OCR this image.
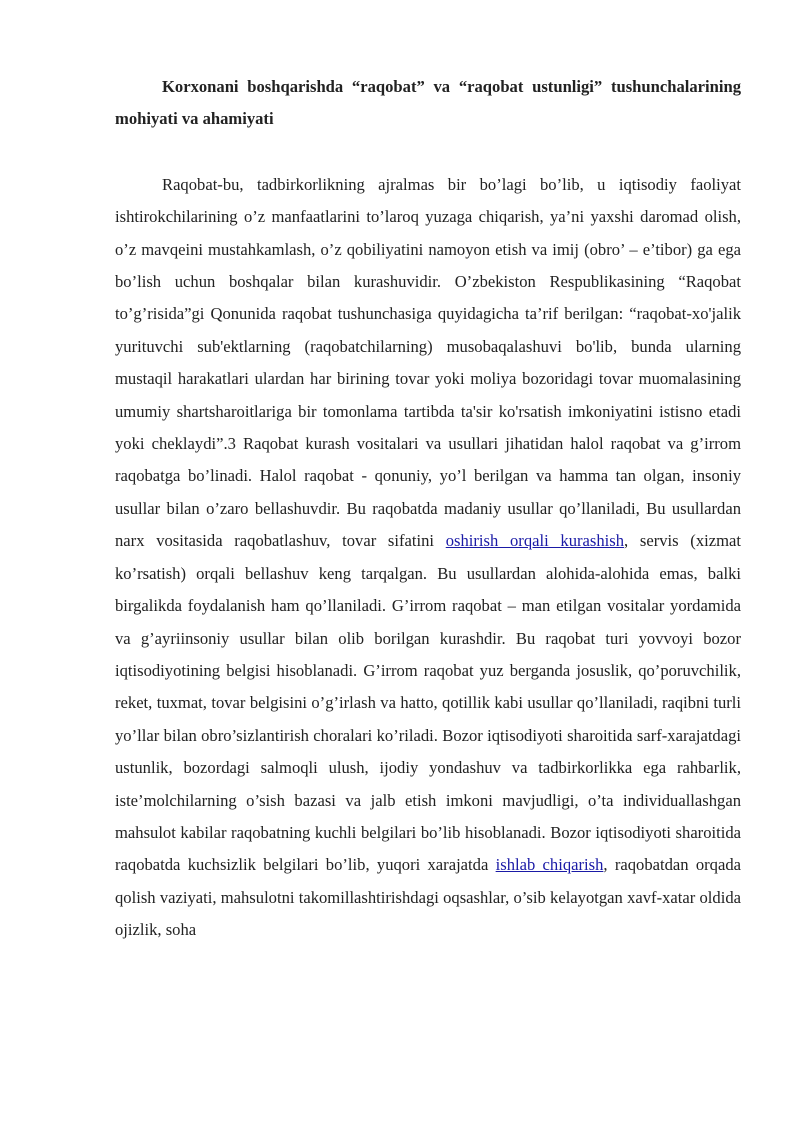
Korxonani boshqarishda “raqobat” va “raqobat ustunligi” tushunchalarining mohiyati va ahamiyati

Raqobat-bu, tadbirkorlikning ajralmas bir bo’lagi bo’lib, u iqtisodiy faoliyat ishtirokchilarining o’z manfaatlarini to’laroq yuzaga chiqarish, ya’ni yaxshi daromad olish, o’z mavqeini mustahkamlash, o’z qobiliyatini namoyon etish va imij (obro’ – e’tibor) ga ega bo’lish uchun boshqalar bilan kurashuvidir. O’zbekiston Respublikasining “Raqobat to’g’risida”gi Qonunida raqobat tushunchasiga quyidagicha ta’rif berilgan: “raqobat-xo'jalik yurituvchi sub'ektlarning (raqobatchilarning) musobaqalashuvi bo'lib, bunda ularning mustaqil harakatlari ulardan har birining tovar yoki moliya bozoridagi tovar muomalasining umumiy shartsharoitlariga bir tomonlama tartibda ta'sir ko'rsatish imkoniyatini istisno etadi yoki cheklaydi”.3 Raqobat kurash vositalari va usullari jihatidan halol raqobat va g’irrom raqobatga bo’linadi. Halol raqobat - qonuniy, yo’l berilgan va hamma tan olgan, insoniy usullar bilan o’zaro bellashuvdir. Bu raqobatda madaniy usullar qo’llaniladi, Bu usullardan narx vositasida raqobatlashuv, tovar sifatini oshirish orqali kurashish, servis (xizmat ko’rsatish) orqali bellashuv keng tarqalgan. Bu usullardan alohida-alohida emas, balki birgalikda foydalanish ham qo’llaniladi. G’irrom raqobat – man etilgan vositalar yordamida va g’ayriinsoniy usullar bilan olib borilgan kurashdir. Bu raqobat turi yovvoyi bozor iqtisodiyotining belgisi hisoblanadi. G’irrom raqobat yuz berganda josuslik, qo’poruvchilik, reket, tuxmat, tovar belgisini o’g’irlash va hatto, qotillik kabi usullar qo’llaniladi, raqibni turli yo’llar bilan obro’sizlantirish choralari ko’riladi. Bozor iqtisodiyoti sharoitida sarf-xarajatdagi ustunlik, bozordagi salmoqli ulush, ijodiy yondashuv va tadbirkorlikka ega rahbarlik, iste’molchilarning o’sish bazasi va jalb etish imkoni mavjudligi, o’ta individuallashgan mahsulot kabilar raqobatning kuchli belgilari bo’lib hisoblanadi. Bozor iqtisodiyoti sharoitida raqobatda kuchsizlik belgilari bo’lib, yuqori xarajatda ishlab chiqarish, raqobatdan orqada qolish vaziyati, mahsulotni takomillashtirishdagi oqsashlar, o’sib kelayotgan xavf-xatar oldida ojizlik, soha
